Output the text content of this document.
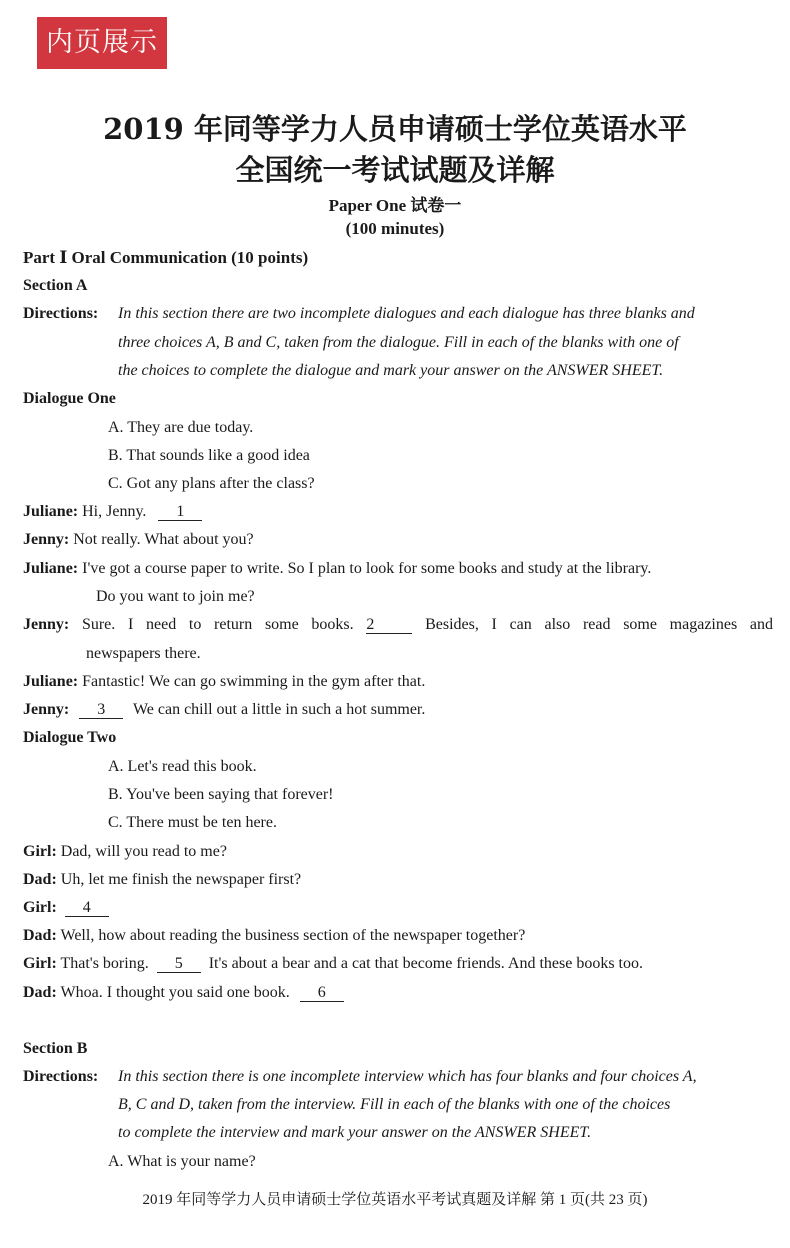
内页展示
2019 年同等学力人员申请硕士学位英语水平
全国统一考试试题及详解
Paper One 试卷一
(100 minutes)
Part Ⅰ Oral Communication (10 points)
Section A
Directions: In this section there are two incomplete dialogues and each dialogue has three blanks and
three choices A, B and C, taken from the dialogue. Fill in each of the blanks with one of
the choices to complete the dialogue and mark your answer on the ANSWER SHEET.
Dialogue One
A. They are due today.
B. That sounds like a good idea
C. Got any plans after the class?
Juliane: Hi, Jenny. 1
Jenny: Not really. What about you?
Juliane: I've got a course paper to write. So I plan to look for some books and study at the library.
Do you want to join me?
Jenny: Sure. I need to return some books. 2	Besides, I can also read some magazines and
newspapers there.
Juliane: Fantastic! We can go swimming in the gym after that.
Jenny: 3 We can chill out a little in such a hot summer.
Dialogue Two
A. Let's read this book.
B. You've been saying that forever!
C. There must be ten here.
Girl: Dad, will you read to me?
Dad: Uh, let me finish the newspaper first?
Girl: 4
Dad: Well, how about reading the business section of the newspaper together?
Girl: That's boring. 5 It's about a bear and a cat that become friends. And these books too.
Dad: Whoa. I thought you said one book. 6
Section B
Directions: In this section there is one incomplete interview which has four blanks and four choices A,
B, C and D, taken from the interview. Fill in each of the blanks with one of the choices
to complete the interview and mark your answer on the ANSWER SHEET.
A. What is your name?
2019 年同等学力人员申请硕士学位英语水平考试真题及详解 第 1 页(共 23 页)
